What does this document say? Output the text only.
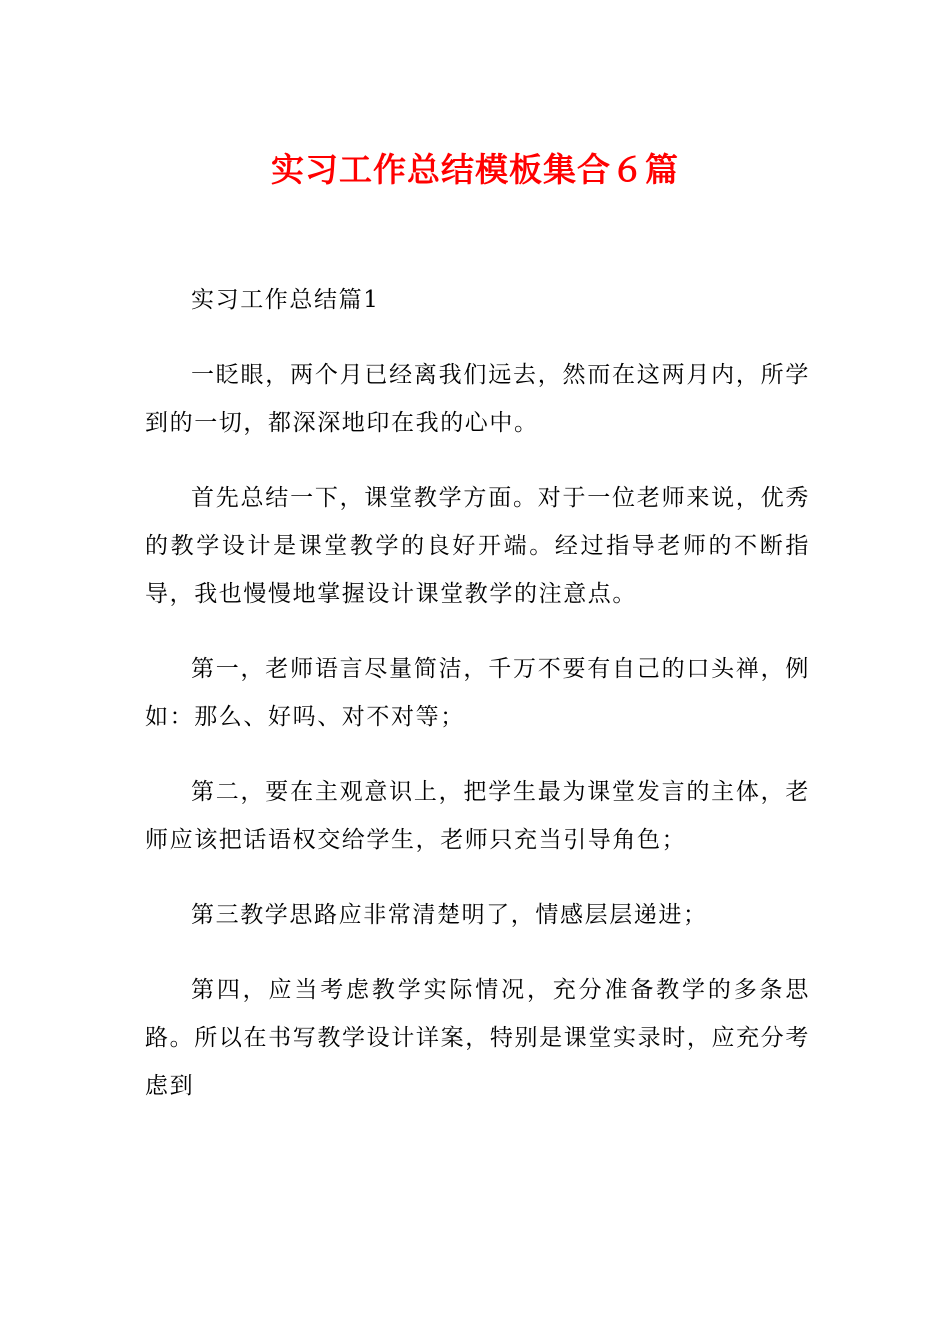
实习工作总结模板集合６篇

实习工作总结篇1

一眨眼，两个月已经离我们远去，然而在这两月内，所学到的一切，都深深地印在我的心中。

首先总结一下，课堂教学方面。对于一位老师来说，优秀的教学设计是课堂教学的良好开端。经过指导老师的不断指导，我也慢慢地掌握设计课堂教学的注意点。

第一，老师语言尽量简洁，千万不要有自己的口头禅，例如：那么、好吗、对不对等；

第二，要在主观意识上，把学生最为课堂发言的主体，老师应该把话语权交给学生，老师只充当引导角色；

第三教学思路应非常清楚明了，情感层层递进；

第四，应当考虑教学实际情况，充分准备教学的多条思路。所以在书写教学设计详案，特别是课堂实录时，应充分考虑到
